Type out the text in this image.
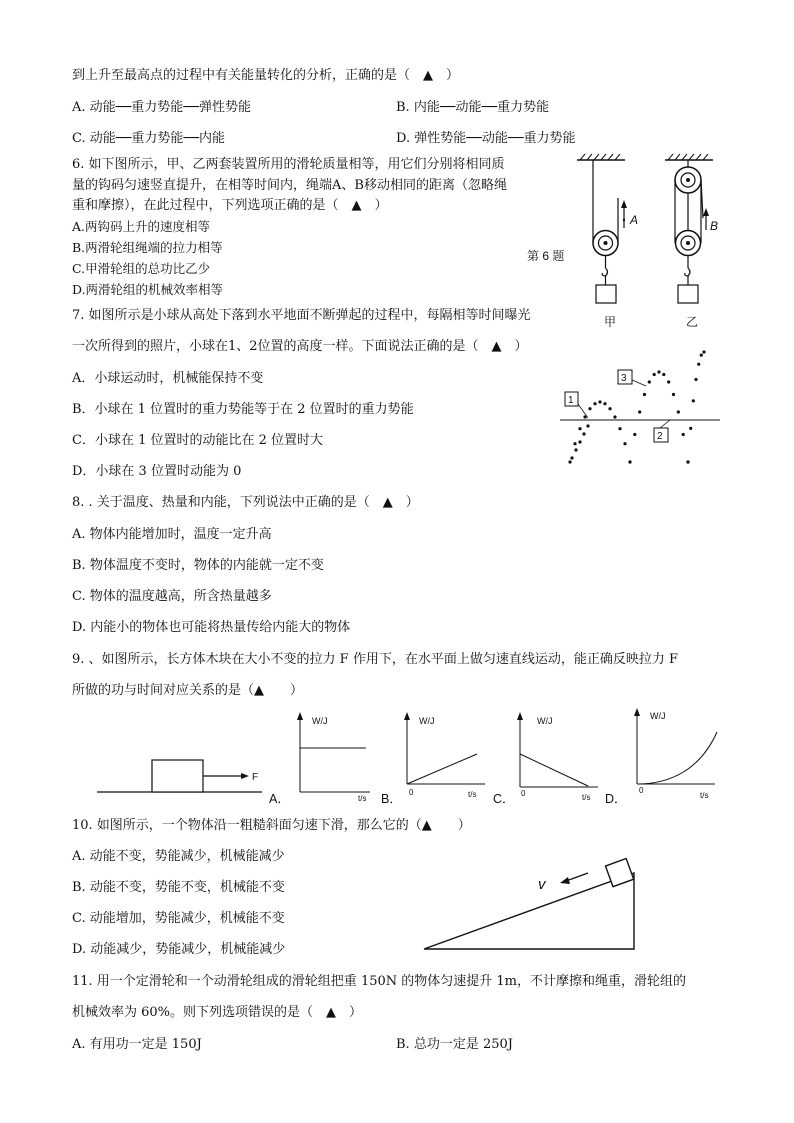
到上升至最高点的过程中有关能量转化的分析，正确的是（　▲　）
A. 动能──重力势能──弹性势能	B. 内能──动能──重力势能
C. 动能──重力势能──内能	D. 弹性势能──动能──重力势能
6. 如下图所示，甲、乙两套装置所用的滑轮质量相等，用它们分别将相同质
量的钩码匀速竖直提升，在相等时间内，绳端A、B移动相同的距离（忽略绳
重和摩擦），在此过程中，下列选项正确的是（　▲　）
A.两钩码上升的速度相等
B.两滑轮组绳端的拉力相等
C.甲滑轮组的总功比乙少
D.两滑轮组的机械效率相等
A	B
第 6 题
甲	乙
7. 如图所示是小球从高处下落到水平地面不断弹起的过程中，每隔相等时间曝光
一次所得到的照片，小球在1、2位置的高度一样。下面说法正确的是（　▲　）
A．小球运动时，机械能保持不变
B．小球在 1 位置时的重力势能等于在 2 位置时的重力势能
C．小球在 1 位置时的动能比在 2 位置时大
D．小球在 3 位置时动能为 0
1
3
2
8. . 关于温度、热量和内能，下列说法中正确的是（　▲　）
A. 物体内能增加时，温度一定升高
B. 物体温度不变时，物体的内能就一定不变
C. 物体的温度越高，所含热量越多
D. 内能小的物体也可能将热量传给内能大的物体
9. 、如图所示，长方体木块在大小不变的拉力 F 作用下，在水平面上做匀速直线运动，能正确反映拉力 F
所做的功与时间对应关系的是（▲　　）
F
A．
W/J
t/s B．
W/J
0	t/s C．
W/J
0	t/s D．
W/J
0
t/s
10. 如图所示，一个物体沿一粗糙斜面匀速下滑，那么它的（▲　　）
A. 动能不变，势能减少，机械能减少
B. 动能不变，势能不变，机械能不变
C. 动能增加，势能减少，机械能不变
D. 动能减少，势能减少，机械能减少
v
11. 用一个定滑轮和一个动滑轮组成的滑轮组把重 150N 的物体匀速提升 1m，不计摩擦和绳重，滑轮组的
机械效率为 60%。则下列选项错误的是（　▲　）
A. 有用功一定是 150J	B. 总功一定是 250J
